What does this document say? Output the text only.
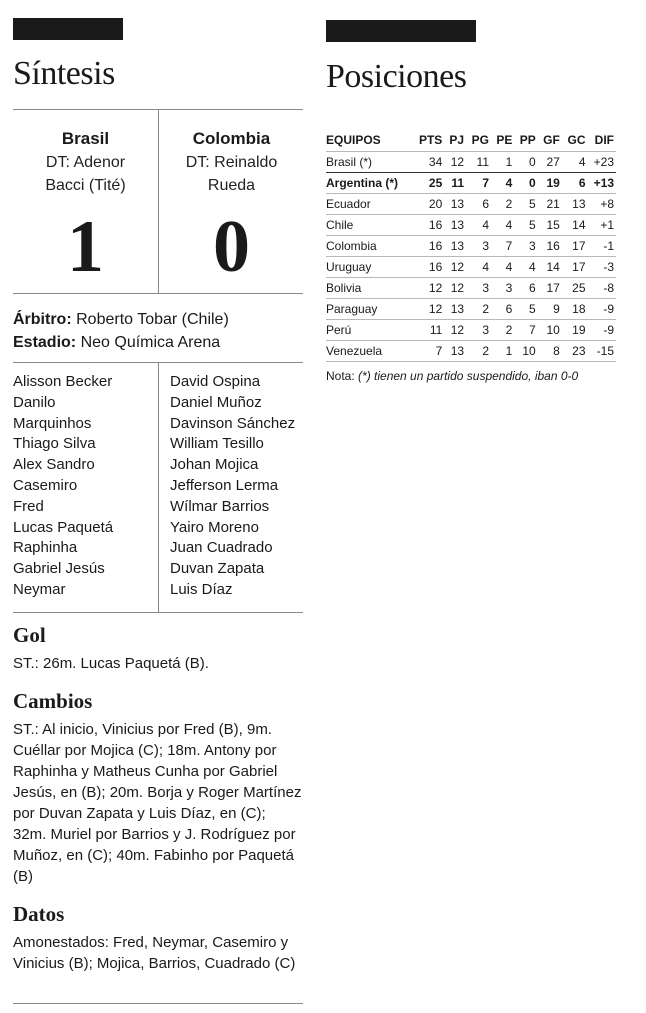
Síntesis
Brasil
DT: Adenor Bacci (Tité)
1
Colombia
DT: Reinaldo Rueda
0
Árbitro: Roberto Tobar (Chile)
Estadio: Neo Química Arena
Alisson Becker
Danilo
Marquinhos
Thiago Silva
Alex Sandro
Casemiro
Fred
Lucas Paquetá
Raphinha
Gabriel Jesús
Neymar
David Ospina
Daniel Muñoz
Davinson Sánchez
William Tesillo
Johan Mojica
Jefferson Lerma
Wílmar Barrios
Yairo Moreno
Juan Cuadrado
Duvan Zapata
Luis Díaz
Gol

ST.: 26m. Lucas Paquetá (B).

Cambios

ST.: Al inicio, Vinicius por Fred (B), 9m. Cuéllar por Mojica (C); 18m. Antony por Raphinha y Matheus Cunha por Gabriel Jesús, en (B); 20m. Borja y Roger Martínez por Duvan Zapata y Luis Díaz, en (C); 32m. Muriel por Barrios y J. Rodríguez por Muñoz, en (C); 40m. Fabinho por Paquetá (B)

Datos

Amonestados: Fred, Neymar, Casemiro y Vinicius (B); Mojica, Barrios, Cuadrado (C)

Posiciones
EQUIPOS	PTS	PJ	PG	PE	PP	GF	GC	DIF
Brasil (*)	34	12	11	1	0	27	4	+23
Argentina (*)	25	11	7	4	0	19	6	+13
Ecuador	20	13	6	2	5	21	13	+8
Chile	16	13	4	4	5	15	14	+1
Colombia	16	13	3	7	3	16	17	-1
Uruguay	16	12	4	4	4	14	17	-3
Bolivia	12	12	3	3	6	17	25	-8
Paraguay	12	13	2	6	5	9	18	-9
Perú	11	12	3	2	7	10	19	-9
Venezuela	7	13	2	1	10	8	23	-15
Nota: (*) tienen un partido suspendido, iban 0-0
